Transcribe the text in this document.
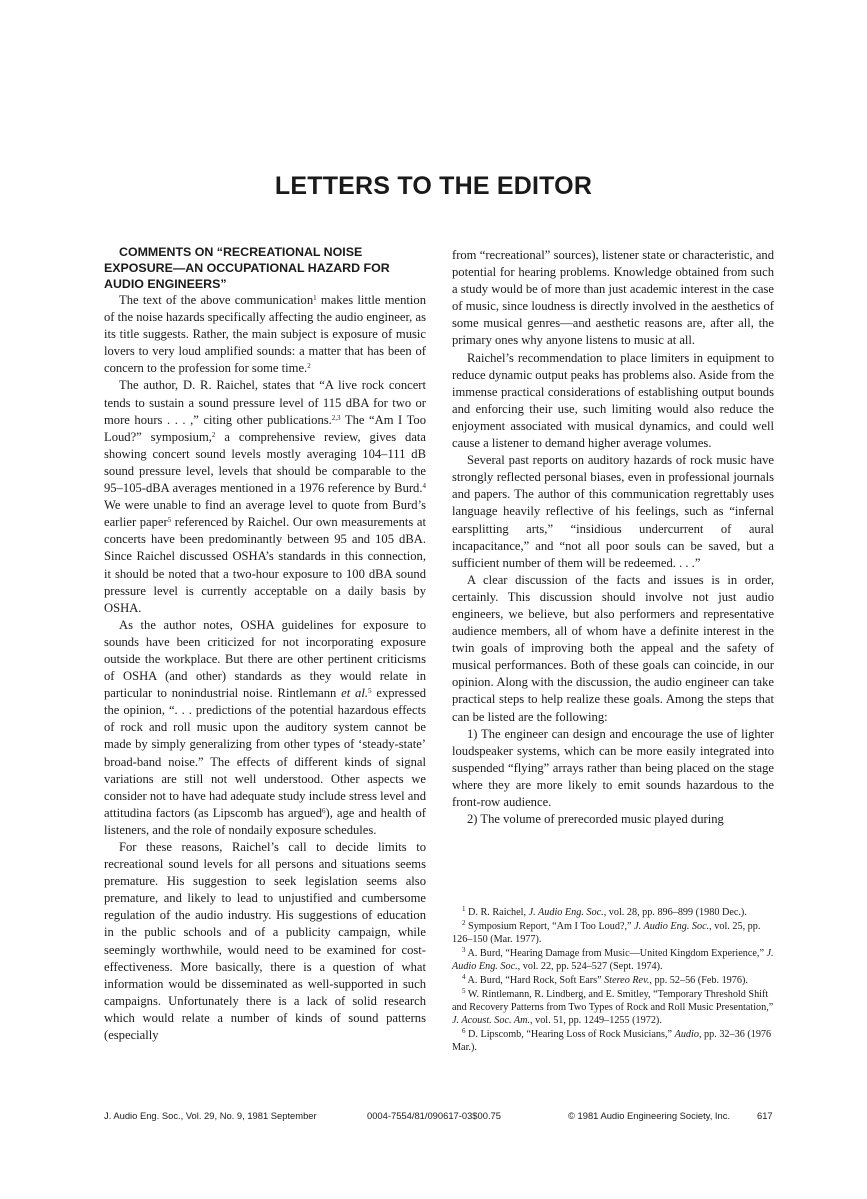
LETTERS TO THE EDITOR

COMMENTS ON “RECREATIONAL NOISE EXPOSURE—AN OCCUPATIONAL HAZARD FOR AUDIO ENGINEERS”

The text of the above communication$^1$ makes little mention of the noise hazards specifically affecting the audio engineer, as its title suggests. Rather, the main subject is exposure of music lovers to very loud amplified sounds: a matter that has been of concern to the profession for some time.$^2$

The author, D. R. Raichel, states that “A live rock concert tends to sustain a sound pressure level of 115 dBA for two or more hours . . . ,” citing other publications.$^{2,3}$ The “Am I Too Loud?” symposium,$^2$ a comprehensive review, gives data showing concert sound levels mostly averaging 104–111 dB sound pressure level, levels that should be comparable to the 95–105-dBA averages mentioned in a 1976 reference by Burd.$^4$ We were unable to find an average level to quote from Burd’s earlier paper$^5$ referenced by Raichel. Our own measurements at concerts have been predominantly between 95 and 105 dBA. Since Raichel discussed OSHA’s standards in this connection, it should be noted that a two-hour exposure to 100 dBA sound pressure level is currently acceptable on a daily basis by OSHA.

As the author notes, OSHA guidelines for exposure to sounds have been criticized for not incorporating exposure outside the workplace. But there are other pertinent criticisms of OSHA (and other) standards as they would relate in particular to nonindustrial noise. Rintlemann et al.$^5$ expressed the opinion, “. . . predictions of the potential hazardous effects of rock and roll music upon the auditory system cannot be made by simply generalizing from other types of ‘steady-state’ broad-band noise.” The effects of different kinds of signal variations are still not well understood. Other aspects we consider not to have had adequate study include stress level and attitudina factors (as Lipscomb has argued$^6$), age and health of listeners, and the role of nondaily exposure schedules.

For these reasons, Raichel’s call to decide limits to recreational sound levels for all persons and situations seems premature. His suggestion to seek legislation seems also premature, and likely to lead to unjustified and cumbersome regulation of the audio industry. His suggestions of education in the public schools and of a publicity campaign, while seemingly worthwhile, would need to be examined for cost-effectiveness. More basically, there is a question of what information would be disseminated as well-supported in such campaigns. Unfortunately there is a lack of solid research which would relate a number of kinds of sound patterns (especially

from “recreational” sources), listener state or characteristic, and potential for hearing problems. Knowledge obtained from such a study would be of more than just academic interest in the case of music, since loudness is directly involved in the aesthetics of some musical genres—and aesthetic reasons are, after all, the primary ones why anyone listens to music at all.

Raichel’s recommendation to place limiters in equipment to reduce dynamic output peaks has problems also. Aside from the immense practical considerations of establishing output bounds and enforcing their use, such limiting would also reduce the enjoyment associated with musical dynamics, and could well cause a listener to demand higher average volumes.

Several past reports on auditory hazards of rock music have strongly reflected personal biases, even in professional journals and papers. The author of this communication regrettably uses language heavily reflective of his feelings, such as “infernal earsplitting arts,” “insidious undercurrent of aural incapacitance,” and “not all poor souls can be saved, but a sufficient number of them will be redeemed. . . .”

A clear discussion of the facts and issues is in order, certainly. This discussion should involve not just audio engineers, we believe, but also performers and representative audience members, all of whom have a definite interest in the twin goals of improving both the appeal and the safety of musical performances. Both of these goals can coincide, in our opinion. Along with the discussion, the audio engineer can take practical steps to help realize these goals. Among the steps that can be listed are the following:

1) The engineer can design and encourage the use of lighter loudspeaker systems, which can be more easily integrated into suspended “flying” arrays rather than being placed on the stage where they are more likely to emit sounds hazardous to the front-row audience.

2) The volume of prerecorded music played during

$^1$ D. R. Raichel, J. Audio Eng. Soc., vol. 28, pp. 896–899 (1980 Dec.).

$^2$ Symposium Report, “Am I Too Loud?,” J. Audio Eng. Soc., vol. 25, pp. 126–150 (Mar. 1977).

$^3$ A. Burd, “Hearing Damage from Music—United Kingdom Experience,” J. Audio Eng. Soc., vol. 22, pp. 524–527 (Sept. 1974).

$^4$ A. Burd, “Hard Rock, Soft Ears” Stereo Rev., pp. 52–56 (Feb. 1976).

$^5$ W. Rintlemann, R. Lindberg, and E. Smitley, “Temporary Threshold Shift and Recovery Patterns from Two Types of Rock and Roll Music Presentation,” J. Acoust. Soc. Am., vol. 51, pp. 1249–1255 (1972).

$^6$ D. Lipscomb, “Hearing Loss of Rock Musicians,” Audio, pp. 32–36 (1976 Mar.).

J. Audio Eng. Soc., Vol. 29, No. 9, 1981 September	0004-7554/81/090617-03$00.75	© 1981 Audio Engineering Society, Inc.	617
